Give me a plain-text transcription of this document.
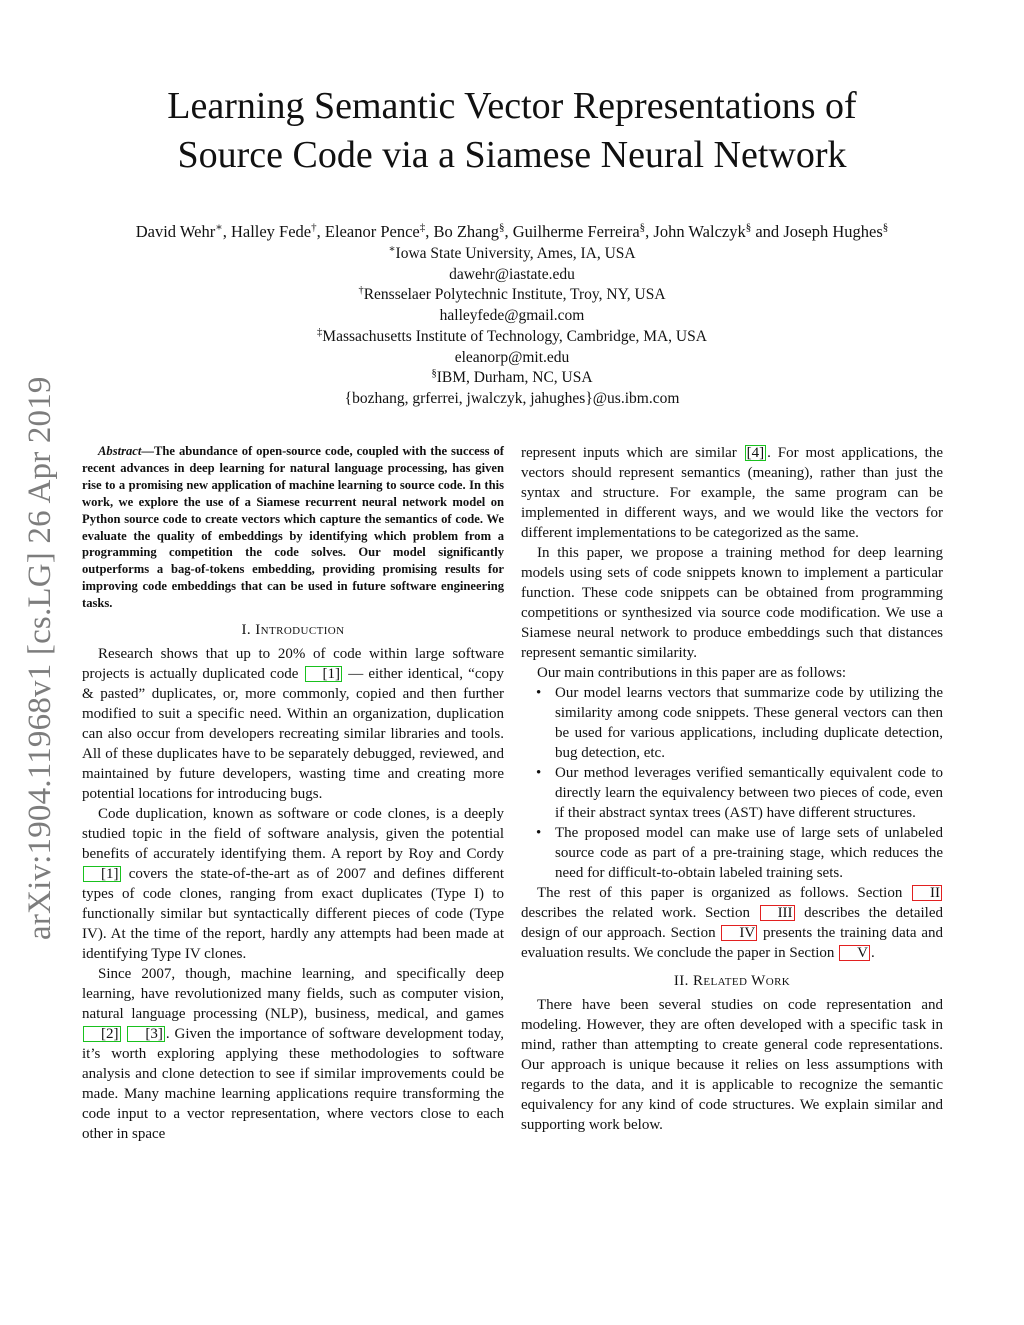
arXiv:1904.11968v1 [cs.LG] 26 Apr 2019
Learning Semantic Vector Representations of
Source Code via a Siamese Neural Network
David Wehr∗, Halley Fede†, Eleanor Pence‡, Bo Zhang§, Guilherme Ferreira§, John Walczyk§ and Joseph Hughes§
∗Iowa State University, Ames, IA, USA
dawehr@iastate.edu
†Rensselaer Polytechnic Institute, Troy, NY, USA
halleyfede@gmail.com
‡Massachusetts Institute of Technology, Cambridge, MA, USA
eleanorp@mit.edu
§IBM, Durham, NC, USA
{bozhang, grferrei, jwalczyk, jahughes}@us.ibm.com

Abstract—The abundance of open-source code, coupled with the success of recent advances in deep learning for natural language processing, has given rise to a promising new application of machine learning to source code. In this work, we explore the use of a Siamese recurrent neural network model on Python source code to create vectors which capture the semantics of code. We evaluate the quality of embeddings by identifying which problem from a programming competition the code solves. Our model significantly outperforms a bag-of-tokens embedding, providing promising results for improving code embeddings that can be used in future software engineering tasks.

I. Introduction

Research shows that up to 20% of code within large software projects is actually duplicated code [1] — either identical, “copy & pasted” duplicates, or, more commonly, copied and then further modified to suit a specific need. Within an organization, duplication can also occur from developers recreating similar libraries and tools. All of these duplicates have to be separately debugged, reviewed, and maintained by future developers, wasting time and creating more potential locations for introducing bugs.

Code duplication, known as software or code clones, is a deeply studied topic in the field of software analysis, given the potential benefits of accurately identifying them. A report by Roy and Cordy [1] covers the state-of-the-art as of 2007 and defines different types of code clones, ranging from exact duplicates (Type I) to functionally similar but syntactically different pieces of code (Type IV). At the time of the report, hardly any attempts had been made at identifying Type IV clones.

Since 2007, though, machine learning, and specifically deep learning, have revolutionized many fields, such as computer vision, natural language processing (NLP), business, medical, and games [2] [3] . Given the importance of software development today, it’s worth exploring applying these methodologies to software analysis and clone detection to see if similar improvements could be made. Many machine learning applications require transforming the code input to a vector representation, where vectors close to each other in space

represent inputs which are similar [4] . For most applications, the vectors should represent semantics (meaning), rather than just the syntax and structure. For example, the same program can be implemented in different ways, and we would like the vectors for different implementations to be categorized as the same.

In this paper, we propose a training method for deep learning models using sets of code snippets known to implement a particular function. These code snippets can be obtained from programming competitions or synthesized via source code modification. We use a Siamese neural network to produce embeddings such that distances represent semantic similarity.

Our main contributions in this paper are as follows:

• Our model learns vectors that summarize code by utilizing the similarity among code snippets. These general vectors can then be used for various applications, including duplicate detection, bug detection, etc.
• Our method leverages verified semantically equivalent code to directly learn the equivalency between two pieces of code, even if their abstract syntax trees (AST) have different structures.
• The proposed model can make use of large sets of unlabeled source code as part of a pre-training stage, which reduces the need for difficult-to-obtain labeled training sets.

The rest of this paper is organized as follows. Section II describes the related work. Section III describes the detailed design of our approach. Section IV presents the training data and evaluation results. We conclude the paper in Section V .

II. Related Work

There have been several studies on code representation and modeling. However, they are often developed with a specific task in mind, rather than attempting to create general code representations. Our approach is unique because it relies on less assumptions with regards to the data, and it is applicable to recognize the semantic equivalency for any kind of code structures. We explain similar and supporting work below.
